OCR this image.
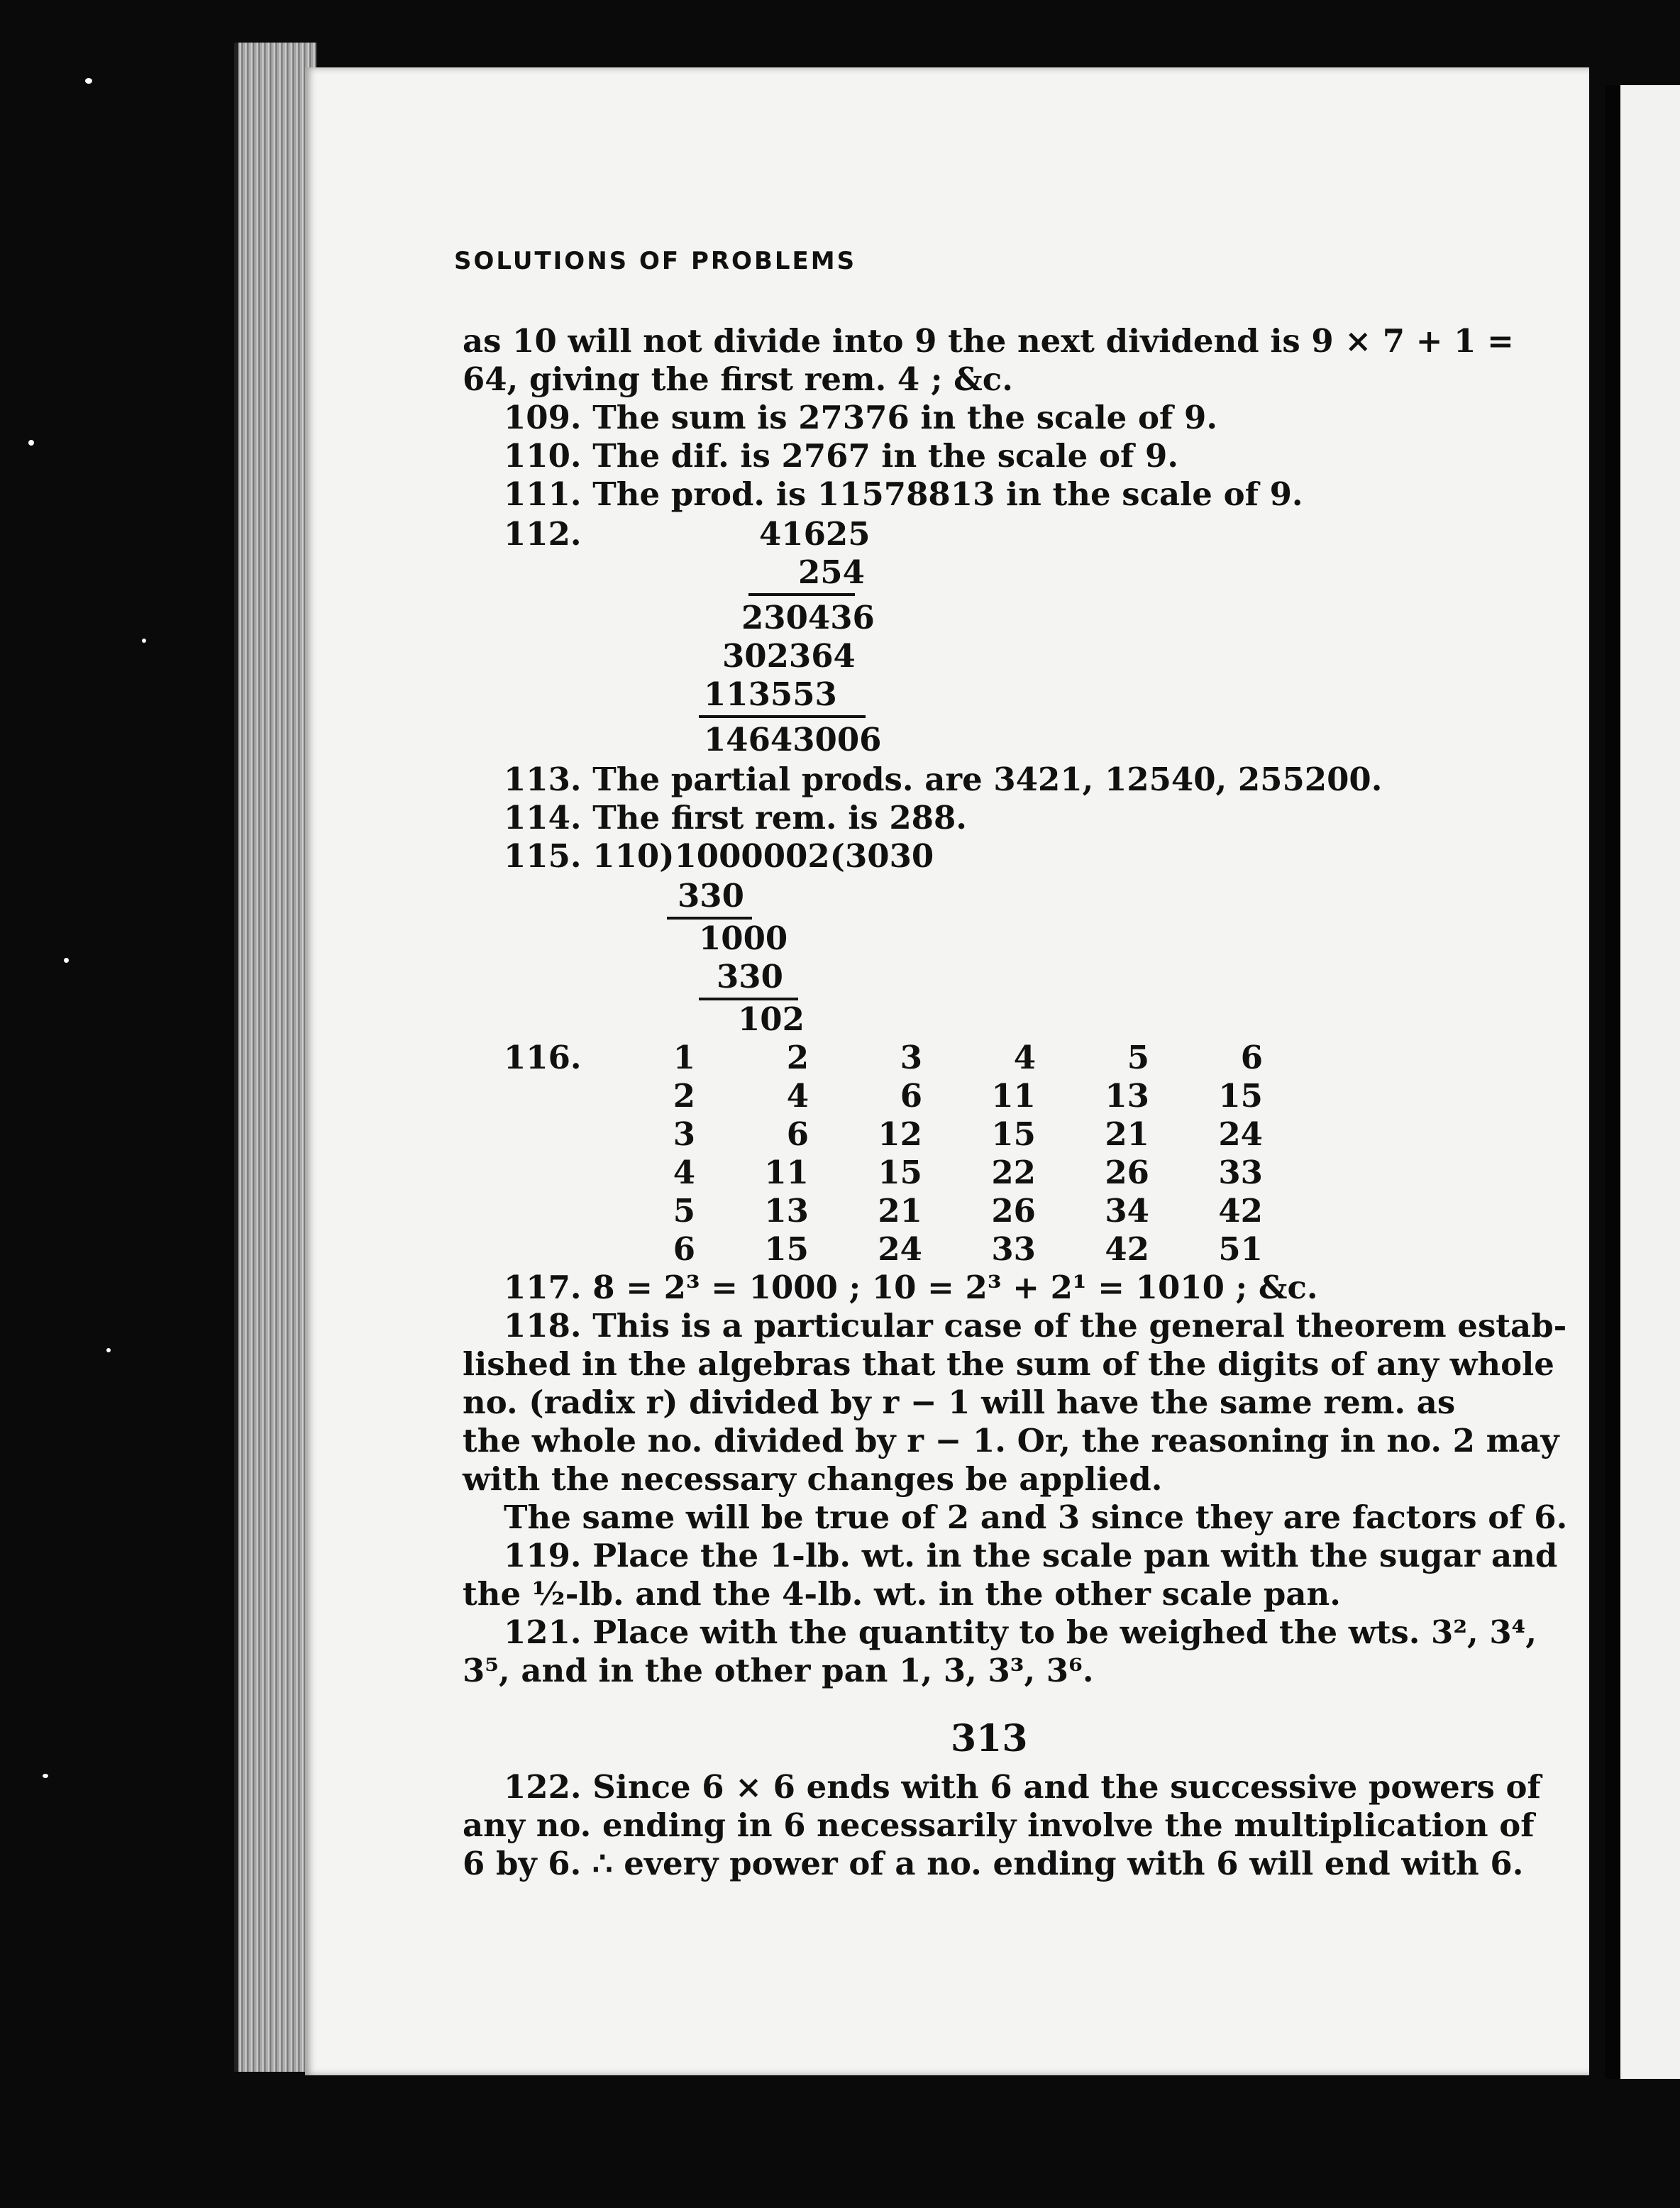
SOLUTIONS OF PROBLEMS
as 10 will not divide into 9 the next dividend is 9 × 7 + 1 =
64, giving the first rem. 4 ; &c.
109. The sum is 27376 in the scale of 9.
110. The dif. is 2767 in the scale of 9.
111. The prod. is 11578813 in the scale of 9.
112.	41625
254
230436
302364
113553
14643006
113. The partial prods. are 3421, 12540, 255200.
114. The first rem. is 288.
115. 110)1000002(3030
330
1000
330
102
116.	1	2	3	4	5	6
2	4	6	11	13	15
3	6	12	15	21	24
4	11	15	22	26	33
5	13	21	26	34	42
6	15	24	33	42	51
117. 8 = 2³ = 1000 ; 10 = 2³ + 2¹ = 1010 ; &c.
118. This is a particular case of the general theorem estab-
lished in the algebras that the sum of the digits of any whole
no. (radix r) divided by r − 1 will have the same rem. as
the whole no. divided by r − 1. Or, the reasoning in no. 2 may
with the necessary changes be applied.
The same will be true of 2 and 3 since they are factors of 6.
119. Place the 1-lb. wt. in the scale pan with the sugar and
the ½-lb. and the 4-lb. wt. in the other scale pan.
121. Place with the quantity to be weighed the wts. 3², 3⁴,
3⁵, and in the other pan 1, 3, 3³, 3⁶.
313
122. Since 6 × 6 ends with 6 and the successive powers of
any no. ending in 6 necessarily involve the multiplication of
6 by 6. ∴ every power of a no. ending with 6 will end with 6.
